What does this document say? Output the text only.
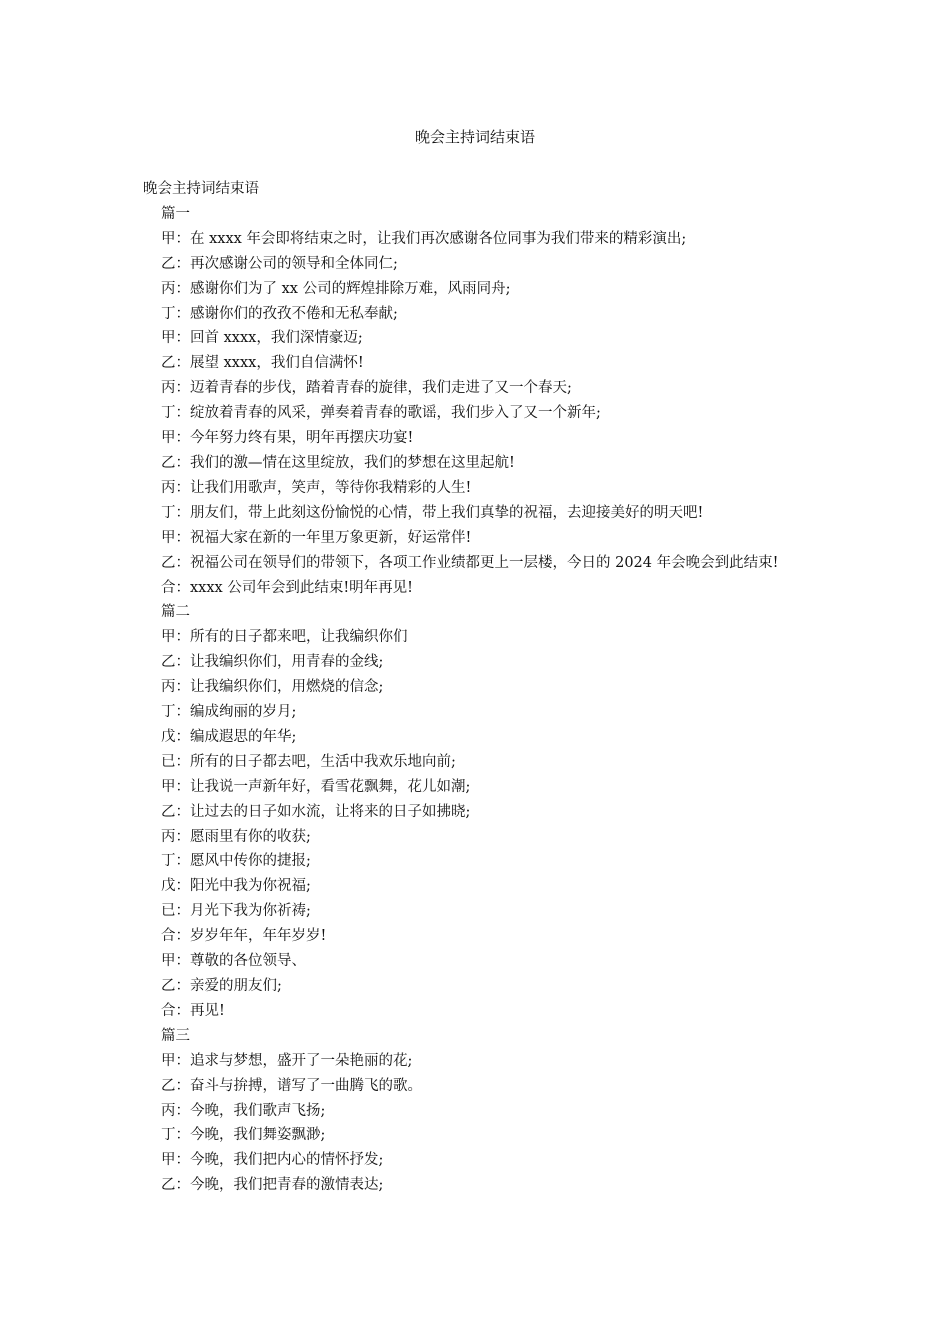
晚会主持词结束语

晚会主持词结束语

篇一

甲：在 xxxx 年会即将结束之时，让我们再次感谢各位同事为我们带来的精彩演出;

乙：再次感谢公司的领导和全体同仁;

丙：感谢你们为了 xx 公司的辉煌排除万难，风雨同舟;

丁：感谢你们的孜孜不倦和无私奉献;

甲：回首 xxxx，我们深情豪迈;

乙：展望 xxxx，我们自信满怀!

丙：迈着青春的步伐，踏着青春的旋律，我们走进了又一个春天;

丁：绽放着青春的风采，弹奏着青春的歌谣，我们步入了又一个新年;

甲：今年努力终有果，明年再摆庆功宴!

乙：我们的激—情在这里绽放，我们的梦想在这里起航!

丙：让我们用歌声，笑声，等待你我精彩的人生!

丁：朋友们，带上此刻这份愉悦的心情，带上我们真挚的祝福，去迎接美好的明天吧!

甲：祝福大家在新的一年里万象更新，好运常伴!

乙：祝福公司在领导们的带领下，各项工作业绩都更上一层楼，今日的 2024 年会晚会到此结束!

合：xxxx 公司年会到此结束!明年再见!

篇二

甲：所有的日子都来吧，让我编织你们

乙：让我编织你们，用青春的金线;

丙：让我编织你们，用燃烧的信念;

丁：编成绚丽的岁月;

戊：编成遐思的年华;

已：所有的日子都去吧，生活中我欢乐地向前;

甲：让我说一声新年好，看雪花飘舞，花儿如潮;

乙：让过去的日子如水流，让将来的日子如拂晓;

丙：愿雨里有你的收获;

丁：愿风中传你的捷报;

戊：阳光中我为你祝福;

已：月光下我为你祈祷;

合：岁岁年年，年年岁岁!

甲：尊敬的各位领导、

乙：亲爱的朋友们;

合：再见!

篇三

甲：追求与梦想，盛开了一朵艳丽的花;

乙：奋斗与拚搏，谱写了一曲腾飞的歌。

丙：今晚，我们歌声飞扬;

丁：今晚，我们舞姿飘渺;

甲：今晚，我们把内心的情怀抒发;

乙：今晚，我们把青春的激情表达;
